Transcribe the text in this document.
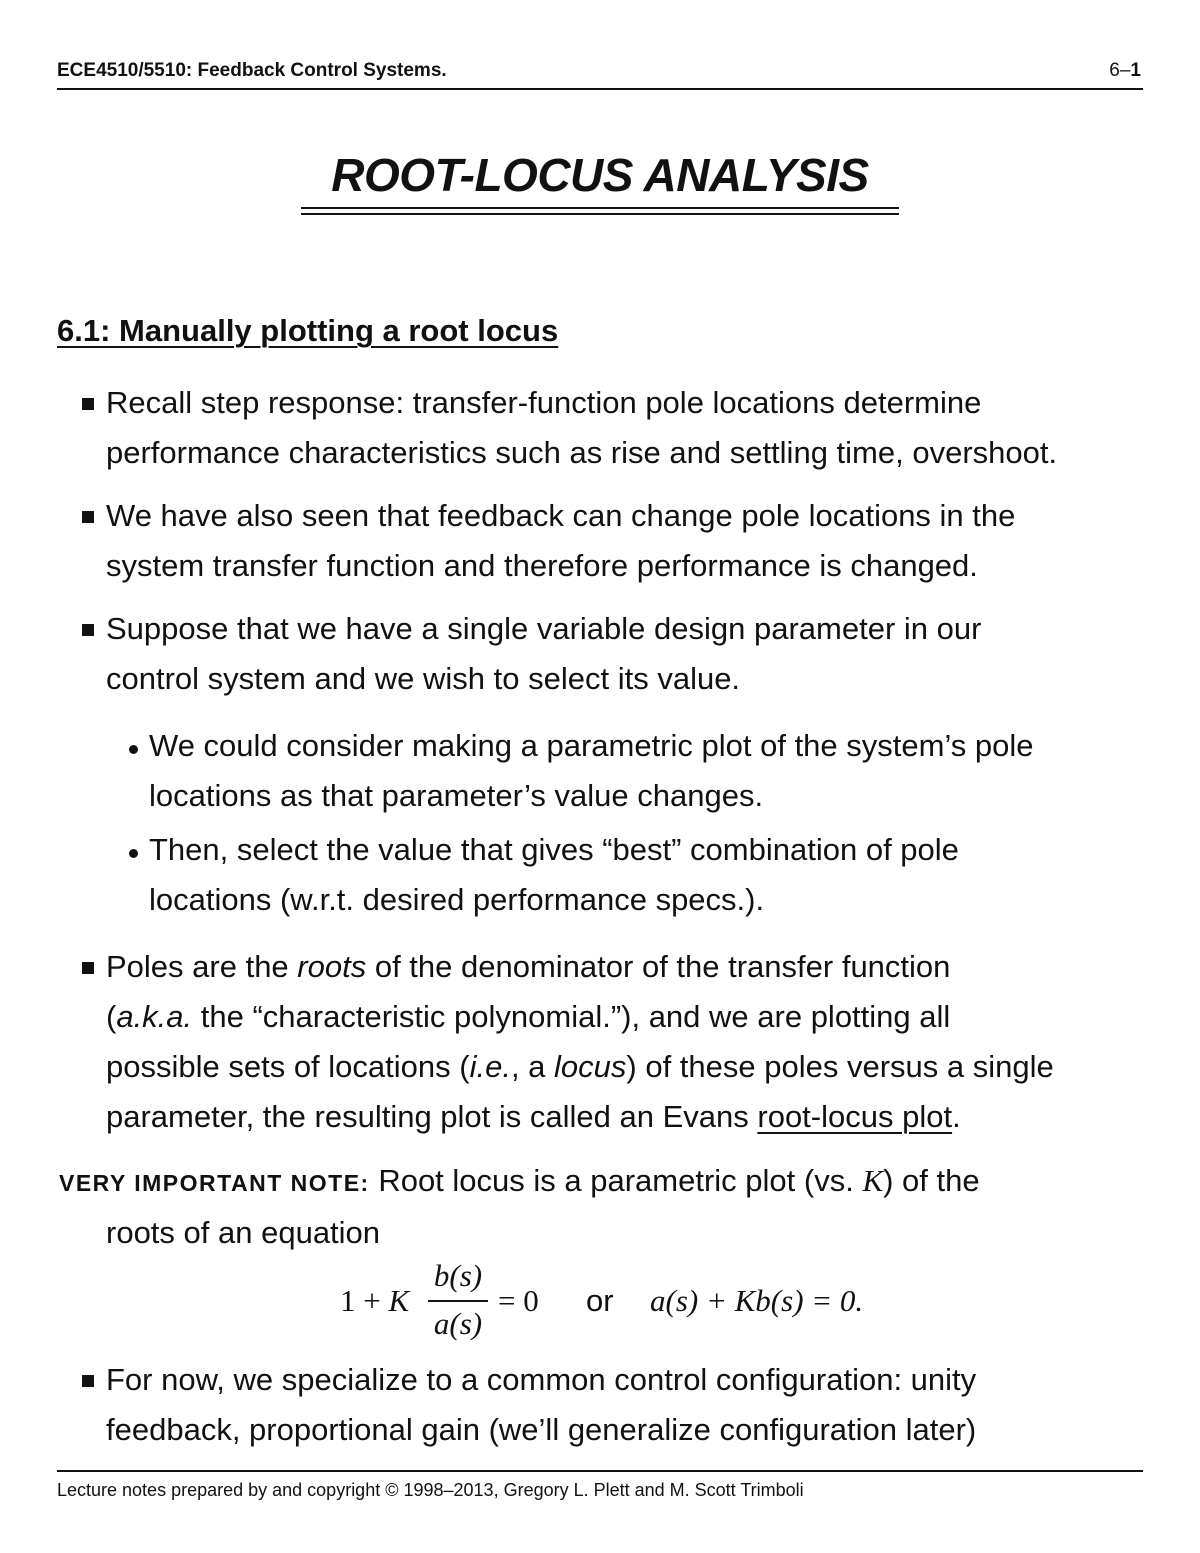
ECE4510/5510: Feedback Control Systems.	6–1
ROOT-LOCUS ANALYSIS
6.1: Manually plotting a root locus
Recall step response: transfer-function pole locations determine
performance characteristics such as rise and settling time, overshoot.
We have also seen that feedback can change pole locations in the
system transfer function and therefore performance is changed.
Suppose that we have a single variable design parameter in our
control system and we wish to select its value.
We could consider making a parametric plot of the system’s pole
locations as that parameter’s value changes.
Then, select the value that gives “best” combination of pole
locations (w.r.t. desired performance specs.).
Poles are the roots of the denominator of the transfer function
(a.k.a. the “characteristic polynomial.”), and we are plotting all
possible sets of locations (i.e., a locus) of these poles versus a single
parameter, the resulting plot is called an Evans root-locus plot.
VERY IMPORTANT NOTE: Root locus is a parametric plot (vs. K) of the
roots of an equation
1 + K
b(s)
a(s)
= 0 or a(s) + Kb(s) = 0.
For now, we specialize to a common control configuration: unity
feedback, proportional gain (we’ll generalize configuration later)
Lecture notes prepared by and copyright © 1998–2013, Gregory L. Plett and M. Scott Trimboli
